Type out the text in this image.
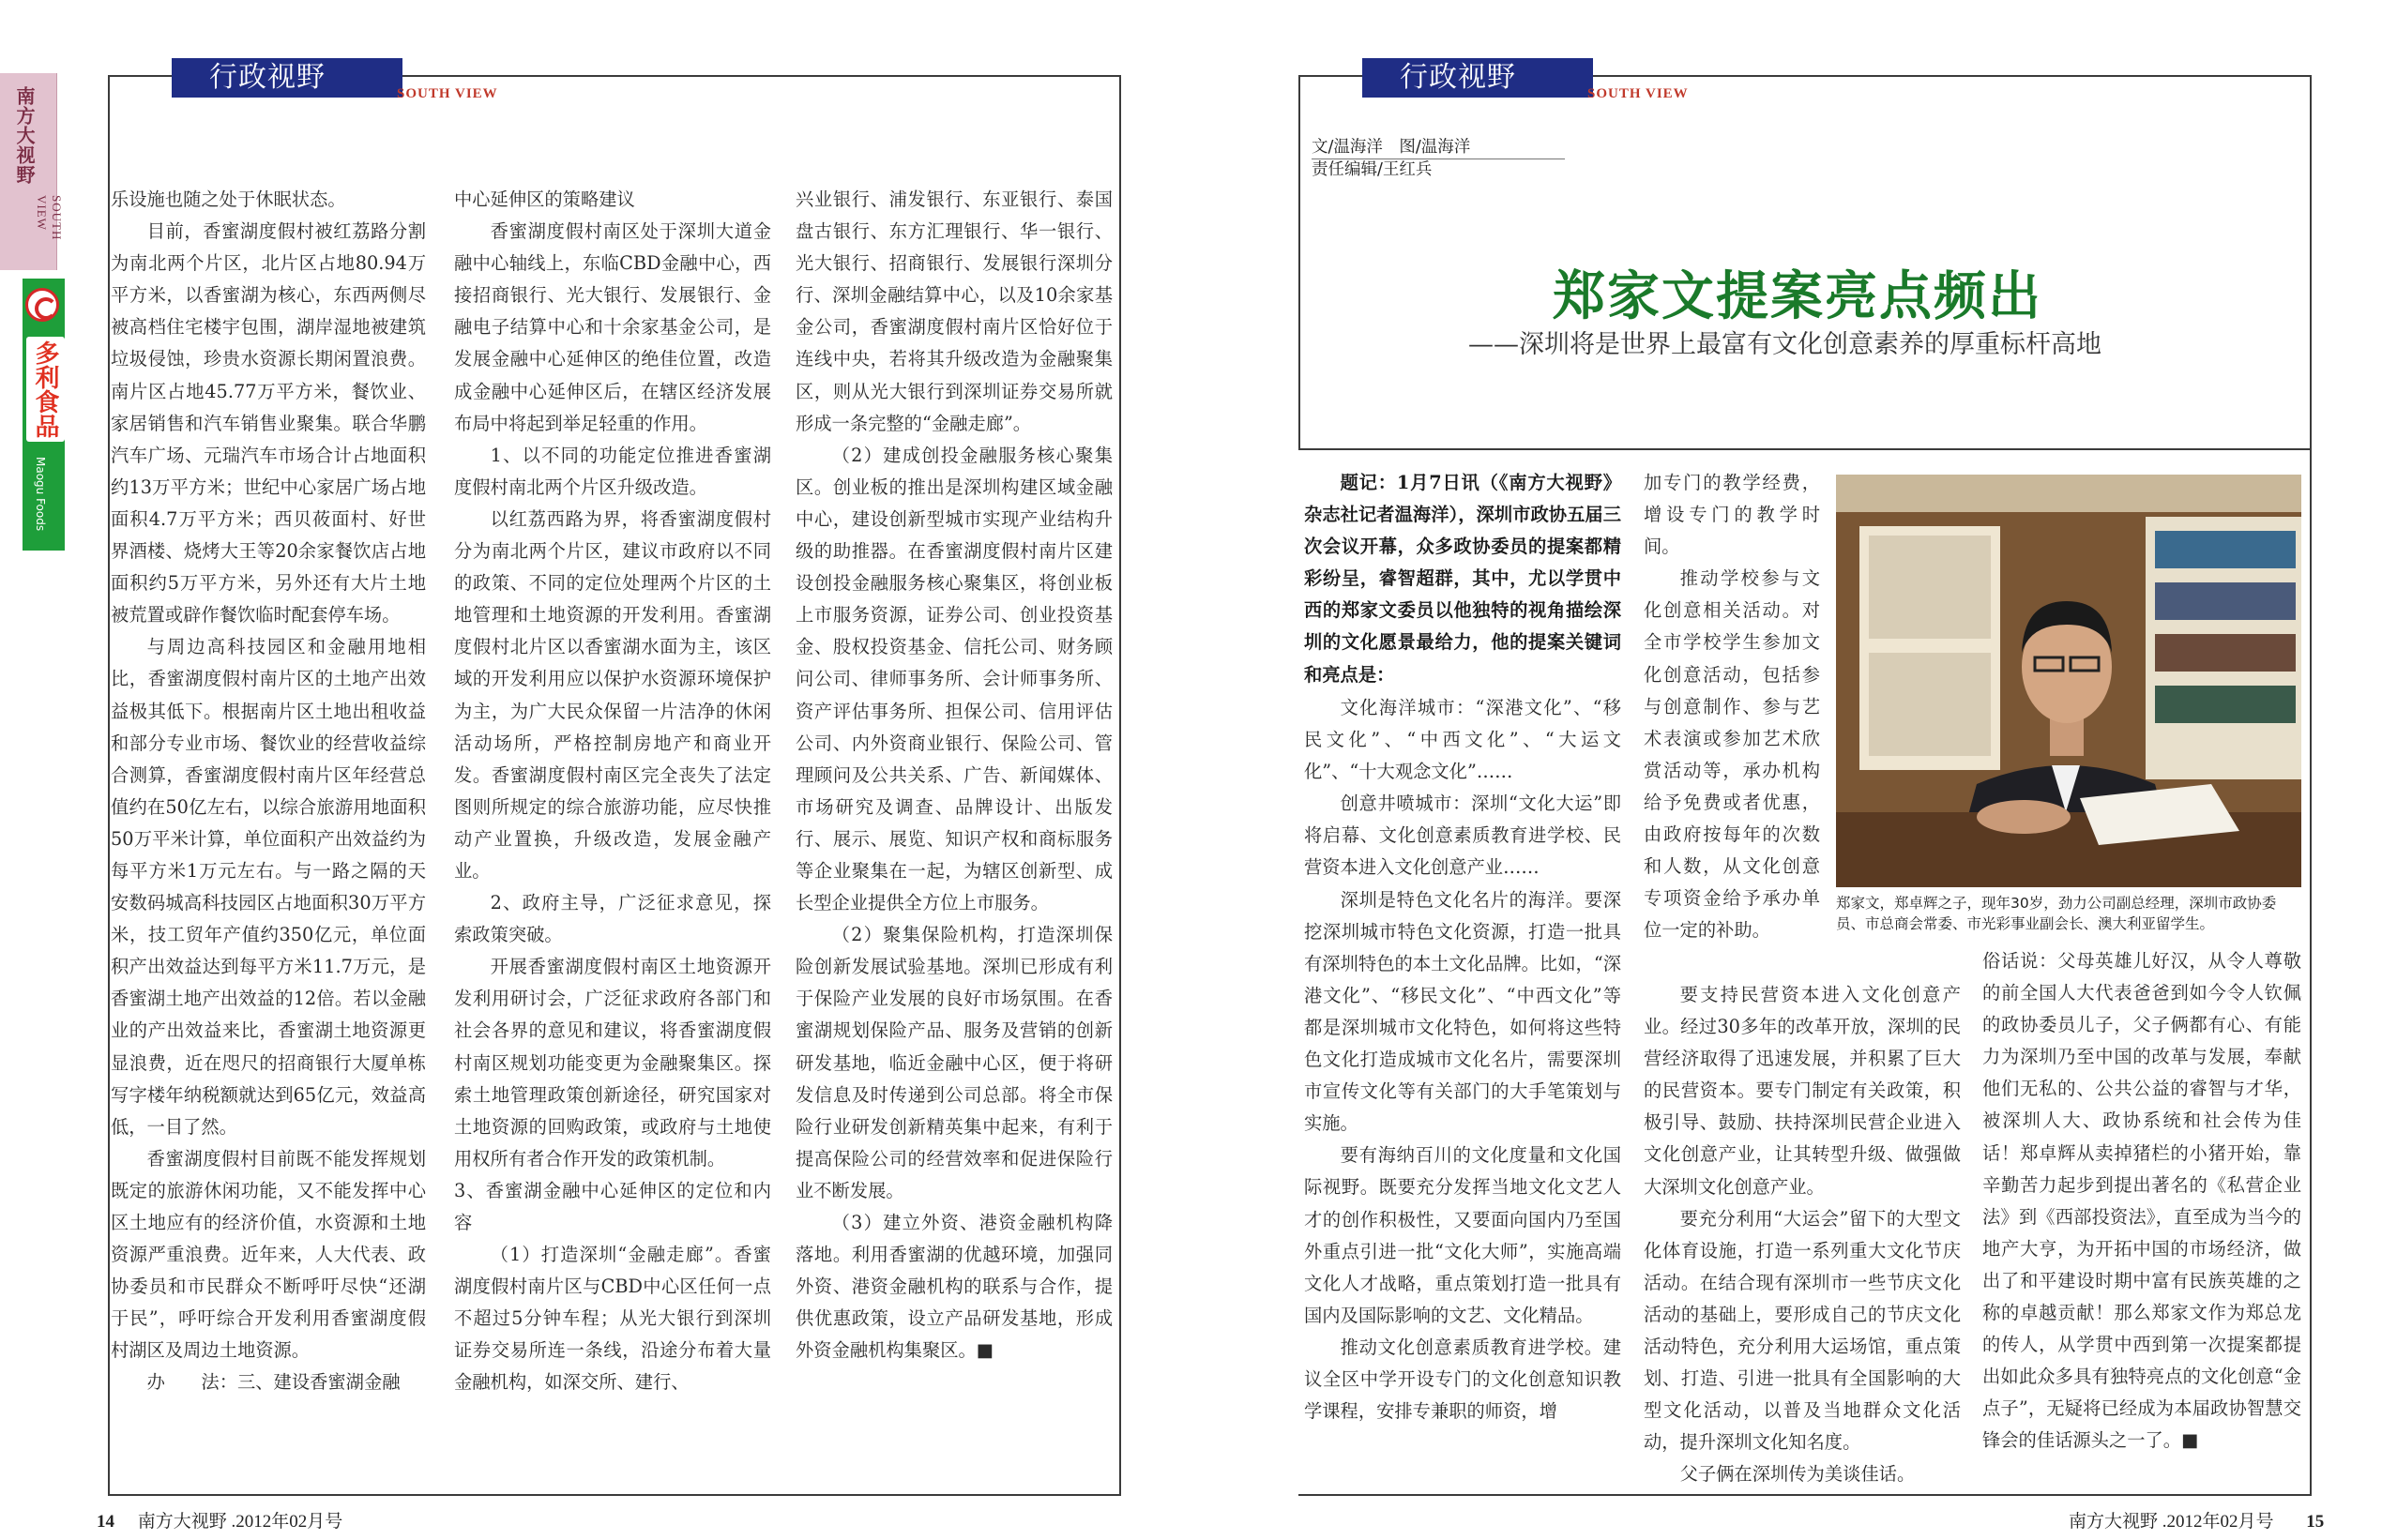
南方大视野
SOUTH VIEW
多利食品
Maogu Foods
行政视野	SOUTH VIEW

乐设施也随之处于休眠状态。

目前，香蜜湖度假村被红荔路分割为南北两个片区，北片区占地80.94万平方米，以香蜜湖为核心，东西两侧尽被高档住宅楼宇包围，湖岸湿地被建筑垃圾侵蚀，珍贵水资源长期闲置浪费。南片区占地45.77万平方米，餐饮业、家居销售和汽车销售业聚集。联合华鹏汽车广场、元瑞汽车市场合计占地面积约13万平方米；世纪中心家居广场占地面积4.7万平方米；西贝莜面村、好世界酒楼、烧烤大王等20余家餐饮店占地面积约5万平方米，另外还有大片土地被荒置或辟作餐饮临时配套停车场。

与周边高科技园区和金融用地相比，香蜜湖度假村南片区的土地产出效益极其低下。根据南片区土地出租收益和部分专业市场、餐饮业的经营收益综合测算，香蜜湖度假村南片区年经营总值约在50亿左右，以综合旅游用地面积50万平米计算，单位面积产出效益约为每平方米1万元左右。与一路之隔的天安数码城高科技园区占地面积30万平方米，技工贸年产值约350亿元，单位面积产出效益达到每平方米11.7万元，是香蜜湖土地产出效益的12倍。若以金融业的产出效益来比，香蜜湖土地资源更显浪费，近在咫尺的招商银行大厦单栋写字楼年纳税额就达到65亿元，效益高低，一目了然。

香蜜湖度假村目前既不能发挥规划既定的旅游休闲功能，又不能发挥中心区土地应有的经济价值，水资源和土地资源严重浪费。近年来，人大代表、政协委员和市民群众不断呼吁尽快“还湖于民”，呼吁综合开发利用香蜜湖度假村湖区及周边土地资源。

办　　法：三、建设香蜜湖金融

中心延伸区的策略建议

香蜜湖度假村南区处于深圳大道金融中心轴线上，东临CBD金融中心，西接招商银行、光大银行、发展银行、金融电子结算中心和十余家基金公司，是发展金融中心延伸区的绝佳位置，改造成金融中心延伸区后，在辖区经济发展布局中将起到举足轻重的作用。

1、以不同的功能定位推进香蜜湖度假村南北两个片区升级改造。

以红荔西路为界，将香蜜湖度假村分为南北两个片区，建议市政府以不同的政策、不同的定位处理两个片区的土地管理和土地资源的开发利用。香蜜湖度假村北片区以香蜜湖水面为主，该区域的开发利用应以保护水资源环境保护为主，为广大民众保留一片洁净的休闲活动场所，严格控制房地产和商业开发。香蜜湖度假村南区完全丧失了法定图则所规定的综合旅游功能，应尽快推动产业置换，升级改造，发展金融产业。

2、政府主导，广泛征求意见，探索政策突破。

开展香蜜湖度假村南区土地资源开发利用研讨会，广泛征求政府各部门和社会各界的意见和建议，将香蜜湖度假村南区规划功能变更为金融聚集区。探索土地管理政策创新途径，研究国家对土地资源的回购政策，或政府与土地使用权所有者合作开发的政策机制。

3、香蜜湖金融中心延伸区的定位和内容

（1）打造深圳“金融走廊”。香蜜湖度假村南片区与CBD中心区任何一点不超过5分钟车程；从光大银行到深圳证券交易所连一条线，沿途分布着大量金融机构，如深交所、建行、

兴业银行、浦发银行、东亚银行、泰国盘古银行、东方汇理银行、华一银行、光大银行、招商银行、发展银行深圳分行、深圳金融结算中心，以及10余家基金公司，香蜜湖度假村南片区恰好位于连线中央，若将其升级改造为金融聚集区，则从光大银行到深圳证券交易所就形成一条完整的“金融走廊”。

（2）建成创投金融服务核心聚集区。创业板的推出是深圳构建区域金融中心，建设创新型城市实现产业结构升级的助推器。在香蜜湖度假村南片区建设创投金融服务核心聚集区，将创业板上市服务资源，证券公司、创业投资基金、股权投资基金、信托公司、财务顾问公司、律师事务所、会计师事务所、资产评估事务所、担保公司、信用评估公司、内外资商业银行、保险公司、管理顾问及公共关系、广告、新闻媒体、市场研究及调查、品牌设计、出版发行、展示、展览、知识产权和商标服务等企业聚集在一起，为辖区创新型、成长型企业提供全方位上市服务。

（2）聚集保险机构，打造深圳保险创新发展试验基地。深圳已形成有利于保险产业发展的良好市场氛围。在香蜜湖规划保险产品、服务及营销的创新研发基地，临近金融中心区，便于将研发信息及时传递到公司总部。将全市保险行业研发创新精英集中起来，有利于提高保险公司的经营效率和促进保险行业不断发展。

（3）建立外资、港资金融机构降落地。利用香蜜湖的优越环境，加强同外资、港资金融机构的联系与合作，提供优惠政策，设立产品研发基地，形成外资金融机构集聚区。■

14 南方大视野 .2012年02月号
行政视野	SOUTH VIEW
文/温海洋　图/温海洋
责任编辑/王红兵
郑家文提案亮点频出
——深圳将是世界上最富有文化创意素养的厚重标杆高地

题记：1月7日讯（《南方大视野》杂志社记者温海洋），深圳市政协五届三次会议开幕，众多政协委员的提案都精彩纷呈，睿智超群，其中，尤以学贯中西的郑家文委员以他独特的视角描绘深圳的文化愿景最给力，他的提案关键词和亮点是：

文化海洋城市：“深港文化”、“移民文化”、“中西文化”、“大运文化”、“十大观念文化”……

创意井喷城市：深圳“文化大运”即将启幕、文化创意素质教育进学校、民营资本进入文化创意产业……

深圳是特色文化名片的海洋。要深挖深圳城市特色文化资源，打造一批具有深圳特色的本土文化品牌。比如，“深港文化”、“移民文化”、“中西文化”等都是深圳城市文化特色，如何将这些特色文化打造成城市文化名片，需要深圳市宣传文化等有关部门的大手笔策划与实施。

要有海纳百川的文化度量和文化国际视野。既要充分发挥当地文化文艺人才的创作积极性，又要面向国内乃至国外重点引进一批“文化大师”，实施高端文化人才战略，重点策划打造一批具有国内及国际影响的文艺、文化精品。

推动文化创意素质教育进学校。建议全区中学开设专门的文化创意知识教学课程，安排专兼职的师资，增

加专门的教学经费，增设专门的教学时间。

推动学校参与文化创意相关活动。对全市学校学生参加文化创意活动，包括参与创意制作、参与艺术表演或参加艺术欣赏活动等，承办机构给予免费或者优惠，由政府按每年的次数和人数，从文化创意专项资金给予承办单位一定的补助。

要支持民营资本进入文化创意产业。经过30多年的改革开放，深圳的民营经济取得了迅速发展，并积累了巨大的民营资本。要专门制定有关政策，积极引导、鼓励、扶持深圳民营企业进入文化创意产业，让其转型升级、做强做大深圳文化创意产业。

要充分利用“大运会”留下的大型文化体育设施，打造一系列重大文化节庆活动。在结合现有深圳市一些节庆文化活动的基础上，要形成自己的节庆文化活动特色，充分利用大运场馆，重点策划、打造、引进一批具有全国影响的大型文化活动，以普及当地群众文化活动，提升深圳文化知名度。

父子俩在深圳传为美谈佳话。

俗话说：父母英雄儿好汉，从令人尊敬的前全国人大代表爸爸到如今令人钦佩的政协委员儿子，父子俩都有心、有能力为深圳乃至中国的改革与发展，奉献他们无私的、公共公益的睿智与才华，被深圳人大、政协系统和社会传为佳话！郑卓辉从卖掉猪栏的小猪开始，靠辛勤苦力起步到提出著名的《私营企业法》到《西部投资法》，直至成为当今的地产大亨，为开拓中国的市场经济，做出了和平建设时期中富有民族英雄的之称的卓越贡献！那么郑家文作为郑总龙的传人，从学贯中西到第一次提案都提出如此众多具有独特亮点的文化创意“金点子”，无疑将已经成为本届政协智慧交锋会的佳话源头之一了。■

郑家文，郑卓辉之子，现年30岁，劲力公司副总经理，深圳市政协委员、市总商会常委、市光彩事业副会长、澳大利亚留学生。
南方大视野 .2012年02月号 15
